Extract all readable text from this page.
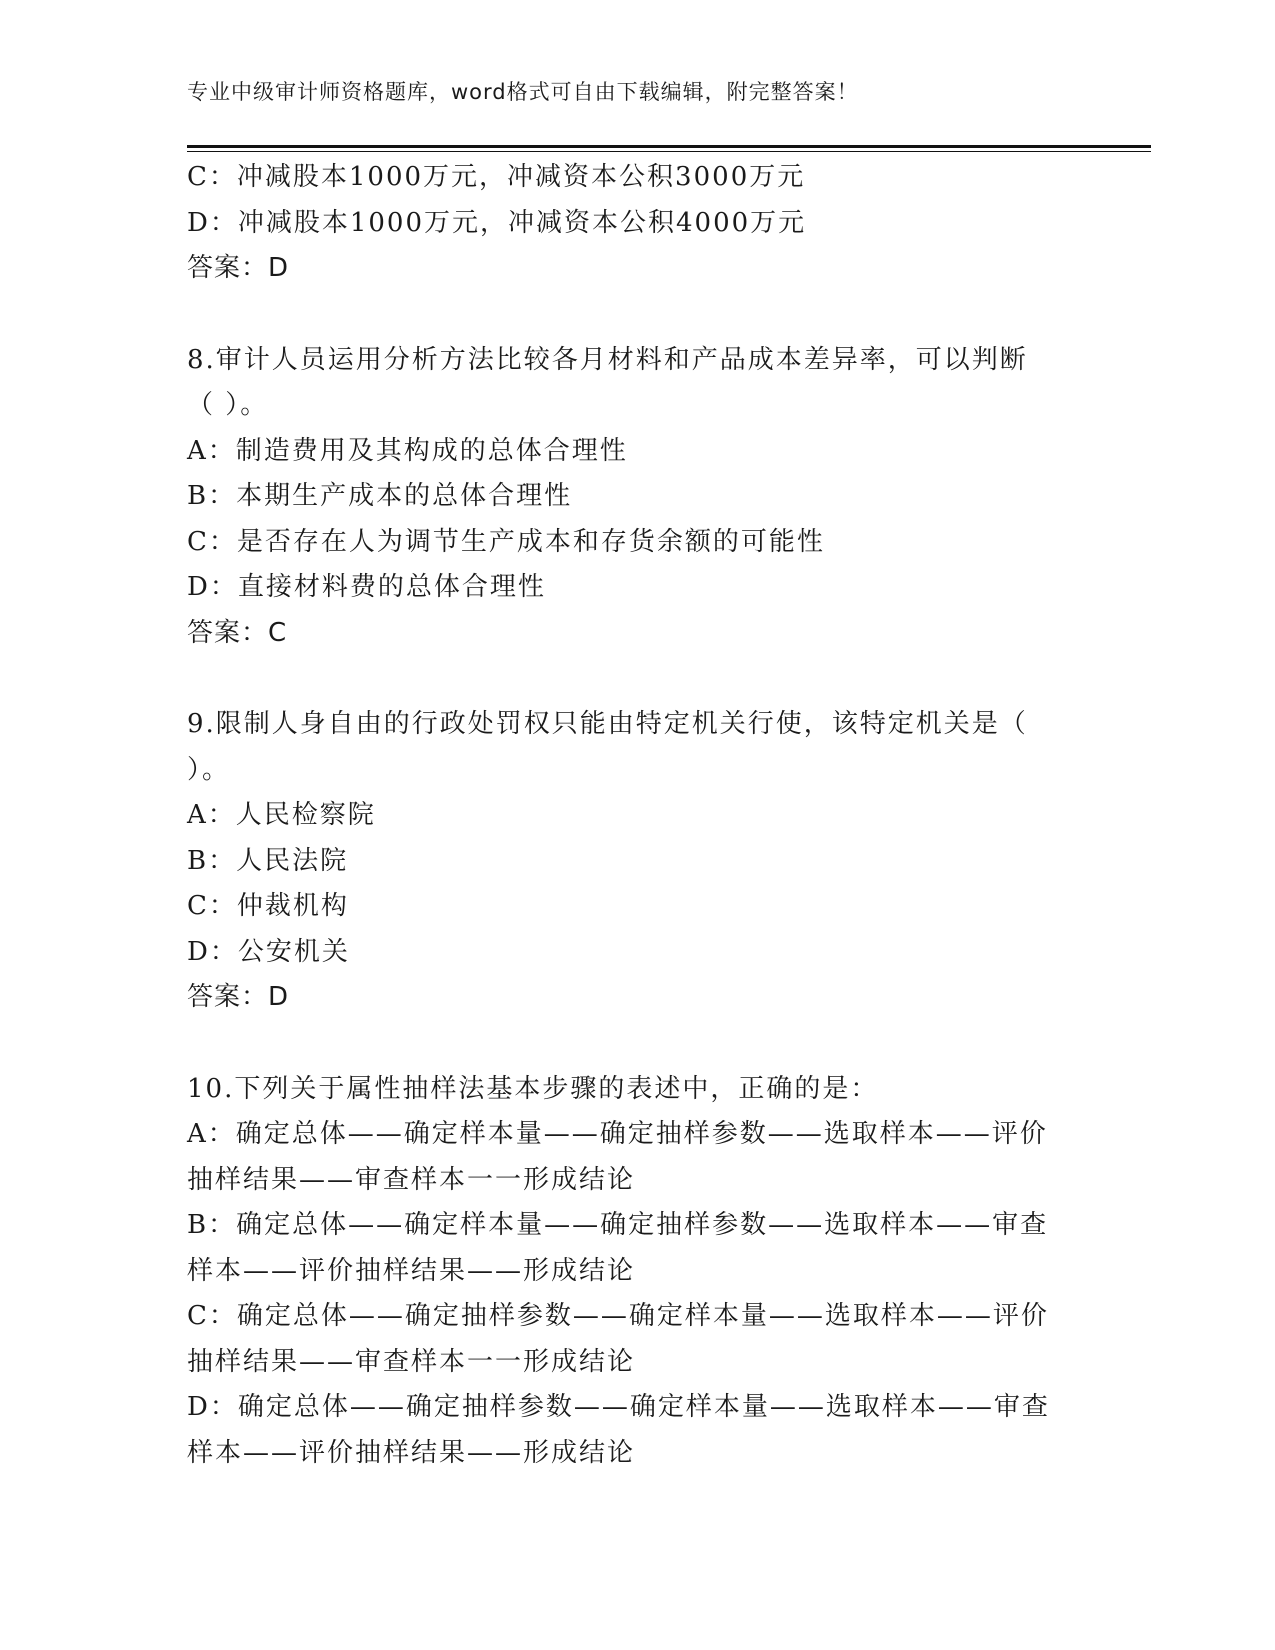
专业中级审计师资格题库，word格式可自由下载编辑，附完整答案！
C：冲减股本1000万元，冲减资本公积3000万元
D：冲减股本1000万元，冲减资本公积4000万元
答案：D
8.审计人员运用分析方法比较各月材料和产品成本差异率，可以判断
（ ）。
A：制造费用及其构成的总体合理性
B：本期生产成本的总体合理性
C：是否存在人为调节生产成本和存货余额的可能性
D：直接材料费的总体合理性
答案：C
9.限制人身自由的行政处罚权只能由特定机关行使，该特定机关是（
）。
A：人民检察院
B：人民法院
C：仲裁机构
D：公安机关
答案：D
10.下列关于属性抽样法基本步骤的表述中，正确的是：
A：确定总体——确定样本量——确定抽样参数——选取样本——评价
抽样结果——审查样本一一形成结论
B：确定总体——确定样本量——确定抽样参数——选取样本——审查
样本——评价抽样结果——形成结论
C：确定总体——确定抽样参数——确定样本量——选取样本——评价
抽样结果——审查样本一一形成结论
D：确定总体——确定抽样参数——确定样本量——选取样本——审查
样本——评价抽样结果——形成结论
